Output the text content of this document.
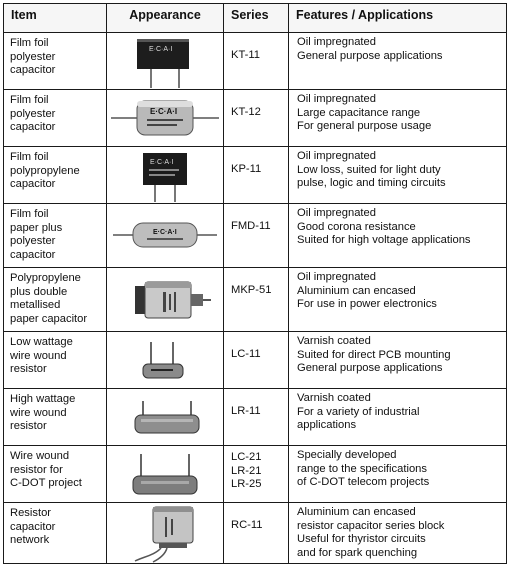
Item	Appearance	Series	Features / Applications

Film foil
polyester
capacitor	E·C·A·I	KT-11	Oil impregnated
General purpose applications

Film foil
polyester
capacitor	E·C·A·I	KT-12	Oil impregnated
Large capacitance range
For general purpose usage

Film foil
polypropylene
capacitor	E·C·A·I	KP-11	Oil impregnated
Low loss, suited for light duty
pulse, logic and timing circuits

Film foil
paper plus
polyester
capacitor	E·C·A·I	FMD-11	Oil impregnated
Good corona resistance
Suited for high voltage applications

Polypropylene
plus double
metallised
paper capacitor		MKP-51	Oil impregnated
Aluminium can encased
For use in power electronics

Low wattage
wire wound
resistor		LC-11	Varnish coated
Suited for direct PCB mounting
General purpose applications

High wattage
wire wound
resistor		LR-11	Varnish coated
For a variety of industrial
applications

Wire wound
resistor for
C-DOT project		LC-21
LR-21
LR-25	Specially developed
range to the specifications
of C-DOT telecom projects

Resistor
capacitor
network		RC-11	Aluminium can encased
resistor capacitor series block
Useful for thyristor circuits
and for spark quenching
